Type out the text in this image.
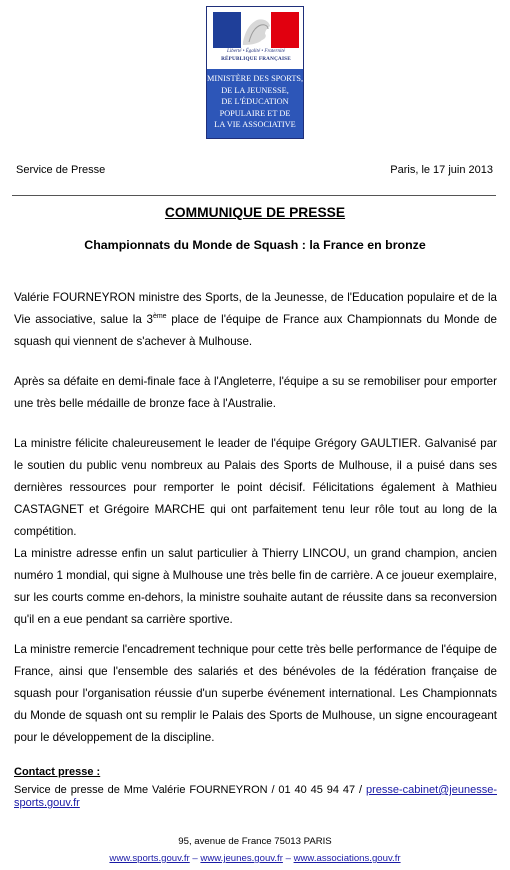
Liberté • Égalité • Fraternité
RÉPUBLIQUE FRANÇAISE
MINISTÈRE DES SPORTS,
DE LA JEUNESSE,
DE L'ÉDUCATION
POPULAIRE ET DE
LA VIE ASSOCIATIVE
Service de Presse	Paris, le 17 juin 2013
COMMUNIQUE DE PRESSE
Championnats du Monde de Squash : la France en bronze
Valérie FOURNEYRON ministre des Sports, de la Jeunesse, de l'Education populaire et de la Vie associative, salue la 3ème place de l'équipe de France aux Championnats du Monde de squash qui viennent de s'achever à Mulhouse.
Après sa défaite en demi-finale face à l'Angleterre, l'équipe a su se remobiliser pour emporter une très belle médaille de bronze face à l'Australie.
La ministre félicite chaleureusement le leader de l'équipe Grégory GAULTIER. Galvanisé par le soutien du public venu nombreux au Palais des Sports de Mulhouse, il a puisé dans ses dernières ressources pour remporter le point décisif. Félicitations également à Mathieu CASTAGNET et Grégoire MARCHE qui ont parfaitement tenu leur rôle tout au long de la compétition.
La ministre adresse enfin un salut particulier à Thierry LINCOU, un grand champion, ancien numéro 1 mondial, qui signe à Mulhouse une très belle fin de carrière. A ce joueur exemplaire, sur les courts comme en-dehors, la ministre souhaite autant de réussite dans sa reconversion qu'il en a eue pendant sa carrière sportive.
La ministre remercie l'encadrement technique pour cette très belle performance de l'équipe de France, ainsi que l'ensemble des salariés et des bénévoles de la fédération française de squash pour l'organisation réussie d'un superbe événement international. Les Championnats du Monde de squash ont su remplir le Palais des Sports de Mulhouse, un signe encourageant pour le développement de la discipline.
Contact presse :
Service de presse de Mme Valérie FOURNEYRON / 01 40 45 94 47 / presse-cabinet@jeunesse-sports.gouv.fr
95, avenue de France 75013 PARIS
www.sports.gouv.fr – www.jeunes.gouv.fr – www.associations.gouv.fr
